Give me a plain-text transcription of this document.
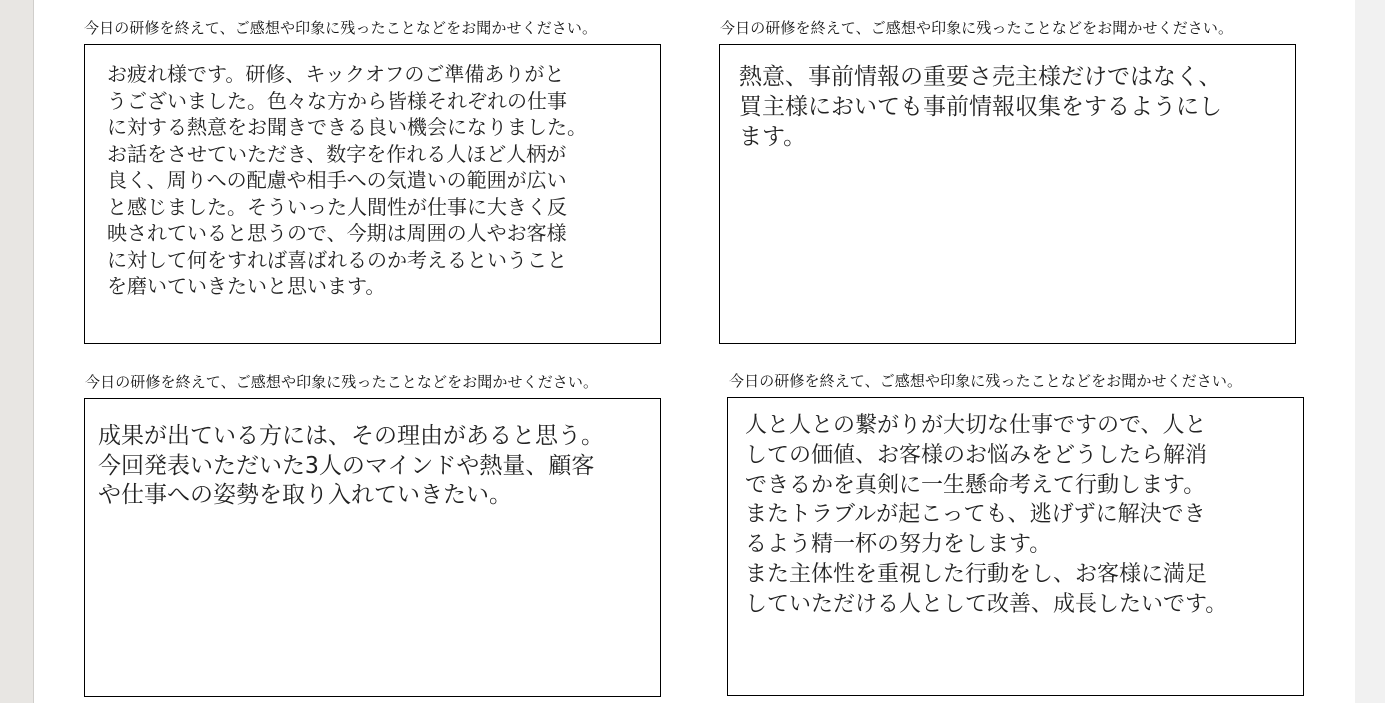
今日の研修を終えて、ご感想や印象に残ったことなどをお聞かせください。
お疲れ様です。研修、キックオフのご準備ありがと
うございました。色々な方から皆様それぞれの仕事
に対する熱意をお聞きできる良い機会になりました。
お話をさせていただき、数字を作れる人ほど人柄が
良く、周りへの配慮や相手への気遣いの範囲が広い
と感じました。そういった人間性が仕事に大きく反
映されていると思うので、今期は周囲の人やお客様
に対して何をすれば喜ばれるのか考えるということ
を磨いていきたいと思います。
今日の研修を終えて、ご感想や印象に残ったことなどをお聞かせください。
熱意、事前情報の重要さ売主様だけではなく、
買主様においても事前情報収集をするようにし
ます。
今日の研修を終えて、ご感想や印象に残ったことなどをお聞かせください。
成果が出ている方には、その理由があると思う。
今回発表いただいた3人のマインドや熱量、顧客
や仕事への姿勢を取り入れていきたい。
今日の研修を終えて、ご感想や印象に残ったことなどをお聞かせください。
人と人との繋がりが大切な仕事ですので、人と
しての価値、お客様のお悩みをどうしたら解消
できるかを真剣に一生懸命考えて行動します。
またトラブルが起こっても、逃げずに解決でき
るよう精一杯の努力をします。
また主体性を重視した行動をし、お客様に満足
していただける人として改善、成長したいです。
